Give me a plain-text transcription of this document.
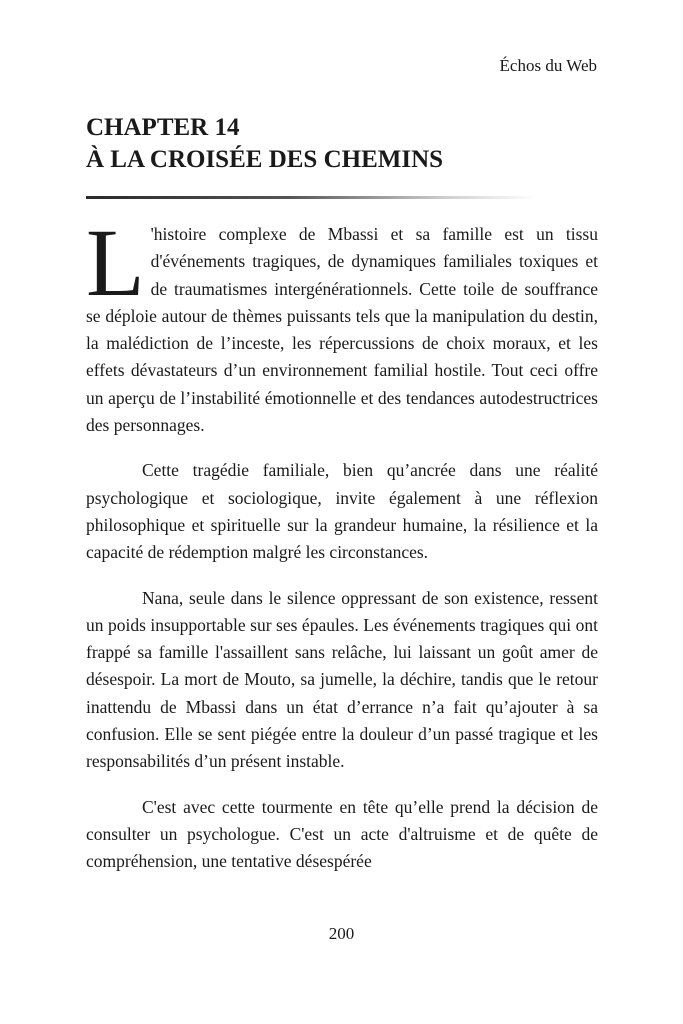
Échos du Web
CHAPTER 14
À LA CROISÉE DES CHEMINS

L 'histoire complexe de Mbassi et sa famille est un tissu d'événements tragiques, de dynamiques familiales toxiques et de traumatismes intergénérationnels. Cette toile de souffrance se déploie autour de thèmes puissants tels que la manipulation du destin, la malédiction de l’inceste, les répercussions de choix moraux, et les effets dévastateurs d’un environnement familial hostile. Tout ceci offre un aperçu de l’instabilité émotionnelle et des tendances autodestructrices des personnages.

Cette tragédie familiale, bien qu’ancrée dans une réalité psychologique et sociologique, invite également à une réflexion philosophique et spirituelle sur la grandeur humaine, la résilience et la capacité de rédemption malgré les circonstances.

Nana, seule dans le silence oppressant de son existence, ressent un poids insupportable sur ses épaules. Les événements tragiques qui ont frappé sa famille l'assaillent sans relâche, lui laissant un goût amer de désespoir. La mort de Mouto, sa jumelle, la déchire, tandis que le retour inattendu de Mbassi dans un état d’errance n’a fait qu’ajouter à sa confusion. Elle se sent piégée entre la douleur d’un passé tragique et les responsabilités d’un présent instable.

C'est avec cette tourmente en tête qu’elle prend la décision de consulter un psychologue. C'est un acte d'altruisme et de quête de compréhension, une tentative désespérée

200
